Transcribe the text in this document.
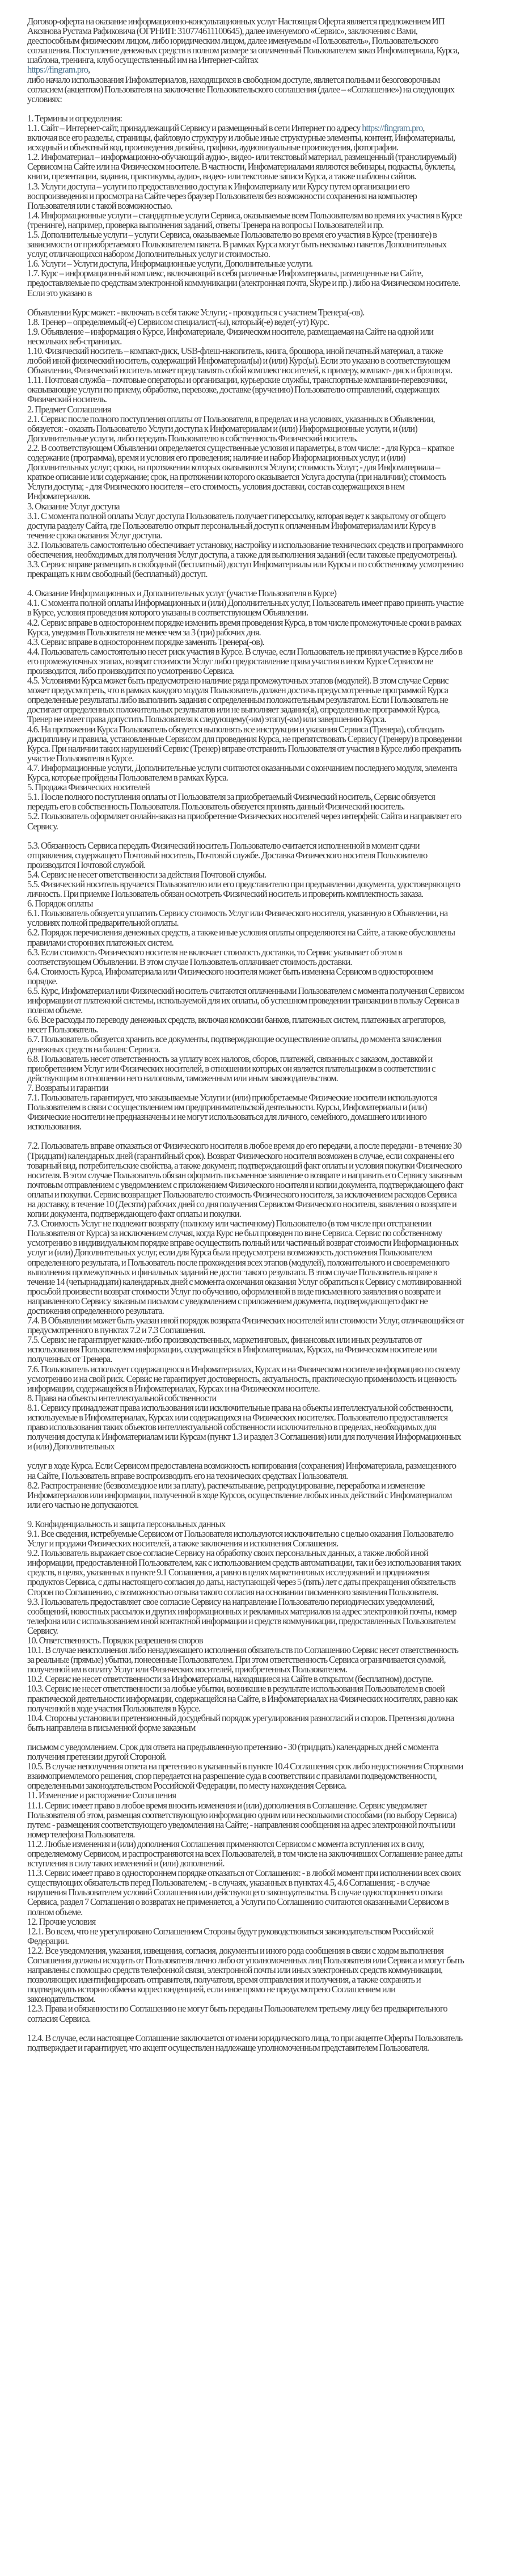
Договор-оферта на оказание информационно-консультационных услуг Настоящая Оферта является предложением ИП Аксянова Рустама Рафиковича (ОГРНИП: 310774611100645), далее именуемого «Сервис», заключения с Вами, дееспособным физическим лицом, либо юридическим лицом, далее именуемым «Пользователь», Пользовательского соглашения. Поступление денежных средств в полном размере за оплаченный Пользователем заказ Инфоматериала, Курса, шаблона, тренинга, клуб осуществленный им на Интернет-сайтах
https://fingram.pro,
либо начало использования Инфоматериалов, находящихся в свободном доступе, является полным и безоговорочным согласием (акцептом) Пользователя на заключение Пользовательского соглашения (далее – «Соглашение») на следующих условиях:

1. Термины и определения:

1.1. Сайт – Интернет-сайт, принадлежащий Сервису и размещенный в сети Интернет по адресу https://fingram.pro,
включая все его разделы, страницы, файловую структуру и любые иные структурные элементы, контент, Инфоматериалы, исходный и объектный код, произведения дизайна, графики, аудиовизуальные произведения, фотографии.

1.2. Инфоматериал – информационно-обучающий аудио-, видео- или текстовый материал, размещенный (транслируемый) Сервисом на Сайте или на Физическом носителе. В частности, Инфоматериалами являются вебинары, подкасты, буклеты, книги, презентации, задания, практикумы, аудио-, видео- или текстовые записи Курса, а также шаблоны сайтов.

1.3. Услуги доступа – услуги по предоставлению доступа к Инфоматериалу или Курсу путем организации его воспроизведения и просмотра на Сайте через браузер Пользователя без возможности сохранения на компьютер Пользователя или с такой возможностью.

1.4. Информационные услуги – стандартные услуги Сервиса, оказываемые всем Пользователям во время их участия в Курсе (тренинге), например, проверка выполнения заданий, ответы Тренера на вопросы Пользователей и пр.

1.5. Дополнительные услуги – услуги Сервиса, оказываемые Пользователю во время его участия в Курсе (тренинге) в зависимости от приобретаемого Пользователем пакета. В рамках Курса могут быть несколько пакетов Дополнительных услуг, отличающихся набором Дополнительных услуг и стоимостью.

1.6. Услуги – Услуги доступа, Информационные услуги, Дополнительные услуги.

1.7. Курс – информационный комплекс, включающий в себя различные Инфоматериалы, размещенные на Сайте, предоставляемые по средствам электронной коммуникации (электронная почта, Skype и пр.) либо на Физическом носителе. Если это указано в

Объявлении Курс может: - включать в себя также Услуги; - проводиться с участием Тренера(-ов).

1.8. Тренер – определяемый(-е) Сервисом специалист(-ы), который(-е) ведет(-ут) Курс.

1.9. Объявление – информация о Курсе, Инфоматериале, Физическом носителе, размещаемая на Сайте на одной или нескольких веб-страницах.

1.10. Физический носитель – компакт-диск, USB-флеш-накопитель, книга, брошюра, иной печатный материал, а также любой иной физический носитель, содержащий Инфоматериал(ы) и (или) Курс(ы). Если это указано в соответствующем Объявлении, Физический носитель может представлять собой комплект носителей, к примеру, компакт- диск и брошюра.

1.11. Почтовая служба – почтовые операторы и организации, курьерские службы, транспортные компании-перевозчики, оказывающие услуги по приему, обработке, перевозке, доставке (вручению) Пользователю отправлений, содержащих Физический носитель.

2. Предмет Соглашения

2.1. Сервис после полного поступления оплаты от Пользователя, в пределах и на условиях, указанных в Объявлении, обязуется: - оказать Пользователю Услуги доступа к Инфоматериалам и (или) Информационные услуги, и (или) Дополнительные услуги, либо передать Пользователю в собственность Физический носитель.

2.2. В соответствующем Объявлении определяется существенные условия и параметры, в том числе: - для Курса – краткое содержание (программа), время и условия его проведения; наличие и набор Информационных услуг, и (или) Дополнительных услуг; сроки, на протяжении которых оказываются Услуги; стоимость Услуг; - для Инфоматериала – краткое описание или содержание; срок, на протяжении которого оказывается Услуга доступа (при наличии); стоимость Услуги доступа; - для Физического носителя – его стоимость, условия доставки, состав содержащихся в нем Инфоматериалов.

3. Оказание Услуг доступа

3.1. С момента полной оплаты Услуг доступа Пользователь получает гиперссылку, которая ведет к закрытому от общего доступа разделу Сайта, где Пользователю открыт персональный доступ к оплаченным Инфоматериалам или Курсу в течение срока оказания Услуг доступа.

3.2. Пользователь самостоятельно обеспечивает установку, настройку и использование технических средств и программного обеспечения, необходимых для получения Услуг доступа, а также для выполнения заданий (если таковые предусмотрены).

3.3. Сервис вправе размещать в свободный (бесплатный) доступ Инфоматериалы или Курсы и по собственному усмотрению прекращать к ним свободный (бесплатный) доступ.

4. Оказание Информационных и Дополнительных услуг (участие Пользователя в Курсе)

4.1. С момента полной оплаты Информационных и (или) Дополнительных услуг, Пользователь имеет право принять участие в Курсе, условия проведения которого указаны в соответствующем Объявлении.

4.2. Сервис вправе в одностороннем порядке изменить время проведения Курса, в том числе промежуточные сроки в рамках Курса, уведомив Пользователя не менее чем за 3 (три) рабочих дня.

4.3. Сервис вправе в одностороннем порядке заменять Тренера(-ов).

4.4. Пользователь самостоятельно несет риск участия в Курсе. В случае, если Пользователь не принял участие в Курсе либо в его промежуточных этапах, возврат стоимости Услуг либо предоставление права участия в ином Курсе Сервисом не производится, либо производится по усмотрению Сервиса.

4.5. Условиями Курса может быть предусмотрено наличие ряда промежуточных этапов (модулей). В этом случае Сервис может предусмотреть, что в рамках каждого модуля Пользователь должен достичь предусмотренные программой Курса определенные результаты либо выполнить задания с определенным положительным результатом. Если Пользователь не достигает определенных положительных результатов или не выполняет задание(я), определенные программой Курса, Тренер не имеет права допустить Пользователя к следующему(-им) этапу(-ам) или завершению Курса.

4.6. На протяжении Курса Пользователь обязуется выполнять все инструкции и указания Сервиса (Тренера), соблюдать дисциплину и правила, установленные Сервисом для проведения Курса, не препятствовать Сервису (Тренеру) в проведении Курса. При наличии таких нарушений Сервис (Тренер) вправе отстранить Пользователя от участия в Курсе либо прекратить участие Пользователя в Курсе.

4.7. Информационные услуги, Дополнительные услуги считаются оказанными с окончанием последнего модуля, элемента Курса, которые пройдены Пользователем в рамках Курса.

5. Продажа Физических носителей

5.1. После полного поступления оплаты от Пользователя за приобретаемый Физический носитель, Сервис обязуется передать его в собственность Пользователя. Пользователь обязуется принять данный Физический носитель.

5.2. Пользователь оформляет онлайн-заказ на приобретение Физических носителей через интерфейс Сайта и направляет его Сервису.

5.3. Обязанность Сервиса передать Физический носитель Пользователю считается исполненной в момент сдачи отправления, содержащего Почтовый носитель, Почтовой службе. Доставка Физического носителя Пользователю производится Почтовой службой.

5.4. Сервис не несет ответственности за действия Почтовой службы.

5.5. Физический носитель вручается Пользователю или его представителю при предъявлении документа, удостоверяющего личность. При приемке Пользователь обязан осмотреть Физический носитель и проверить комплектность заказа.

6. Порядок оплаты

6.1. Пользователь обязуется уплатить Сервису стоимость Услуг или Физического носителя, указанную в Объявлении, на условиях полной предварительной оплаты.

6.2. Порядок перечисления денежных средств, а также иные условия оплаты определяются на Сайте, а также обусловлены правилами сторонних платежных систем.

6.3. Если стоимость Физического носителя не включает стоимость доставки, то Сервис указывает об этом в соответствующем Объявлении. В этом случае Пользователь оплачивает стоимость доставки.

6.4. Стоимость Курса, Инфоматериала или Физического носителя может быть изменена Сервисом в одностороннем порядке.

6.5. Курс, Инфоматериал или Физический носитель считаются оплаченными Пользователем с момента получения Сервисом информации от платежной системы, используемой для их оплаты, об успешном проведении транзакции в пользу Сервиса в полном объеме.

6.6. Все расходы по переводу денежных средств, включая комиссии банков, платежных систем, платежных агрегаторов, несет Пользователь.

6.7. Пользователь обязуется хранить все документы, подтверждающие осуществление оплаты, до момента зачисления денежных средств на баланс Сервиса.

6.8. Пользователь несет ответственность за уплату всех налогов, сборов, платежей, связанных с заказом, доставкой и приобретением Услуг или Физических носителей, в отношении которых он является плательщиком в соответствии с действующим в отношении него налоговым, таможенным или иным законодательством.

7. Возвраты и гарантии

7.1. Пользователь гарантирует, что заказываемые Услуги и (или) приобретаемые Физические носители используются Пользователем в связи с осуществлением им предпринимательской деятельности. Курсы, Инфоматериалы и (или) Физические носители не предназначены и не могут использоваться для личного, семейного, домашнего или иного использования.

7.2. Пользователь вправе отказаться от Физического носителя в любое время до его передачи, а после передачи - в течение 30 (Тридцати) календарных дней (гарантийный срок). Возврат Физического носителя возможен в случае, если сохранены его товарный вид, потребительские свойства, а также документ, подтверждающий факт оплаты и условия покупки Физического носителя. В этом случае Пользователь обязан оформить письменное заявление о возврате и направить его Сервису заказным почтовым отправлением с уведомлением с приложением Физического носителя и копии документа, подтверждающего факт оплаты и покупки. Сервис возвращает Пользователю стоимость Физического носителя, за исключением расходов Сервиса на доставку, в течение 10 (Десяти) рабочих дней со дня получения Сервисом Физического носителя, заявления о возврате и копии документа, подтверждающего факт оплаты и покупки.

7.3. Стоимость Услуг не подлежит возврату (полному или частичному) Пользователю (в том числе при отстранении Пользователя от Курса) за исключением случая, когда Курс не был проведен по вине Сервиса. Сервис по собственному усмотрению в индивидуальном порядке вправе осуществить полный или частичный возврат стоимости Информационных услуг и (или) Дополнительных услуг, если для Курса была предусмотрена возможность достижения Пользователем определенного результата, и Пользователь после прохождения всех этапов (модулей), положительного и своевременного выполнения промежуточных и финальных заданий не достиг такого результата. В этом случае Пользователь вправе в течение 14 (четырнадцати) календарных дней с момента окончания оказания Услуг обратиться к Сервису с мотивированной просьбой произвести возврат стоимости Услуг по обучению, оформленной в виде письменного заявления о возврате и направленного Сервису заказным письмом с уведомлением с приложением документа, подтверждающего факт не достижения определенного результата.

7.4. В Объявлении может быть указан иной порядок возврата Физических носителей или стоимости Услуг, отличающийся от предусмотренного в пунктах 7.2 и 7.3 Соглашения.

7.5. Сервис не гарантирует каких-либо производственных, маркетинговых, финансовых или иных результатов от использования Пользователем информации, содержащейся в Инфоматериалах, Курсах, на Физическом носителе или полученных от Тренера.

7.6. Пользователь использует содержащеюся в Инфоматериалах, Курсах и на Физическом носителе информацию по своему усмотрению и на свой риск. Сервис не гарантирует достоверность, актуальность, практическую применимость и ценность информации, содержащейся в Инфоматериалах, Курсах и на Физическом носителе.

8. Права на объекты интеллектуальной собственности

8.1. Сервису принадлежат права использования или исключительные права на объекты интеллектуальной собственности, используемые в Инфоматериалах, Курсах или содержащихся на Физических носителях. Пользователю предоставляется право использования таких объектов интеллектуальной собственности исключительно в пределах, необходимых для получения доступа к Инфоматериалам или Курсам (пункт 1.3 и раздел 3 Соглашения) или для получения Информационных и (или) Дополнительных

услуг в ходе Курса. Если Сервисом предоставлена возможность копирования (сохранения) Инфоматериала, размещенного на Сайте, Пользователь вправе воспроизводить его на технических средствах Пользователя.

8.2. Распространение (безвозмездное или за плату), распечатывание, репродуцирование, переработка и изменение Инфоматериалов или информации, полученной в ходе Курсов, осуществление любых иных действий с Инфоматериалом или его частью не допускаются.

9. Конфиденциальность и защита персональных данных

9.1. Все сведения, истребуемые Сервисом от Пользователя используются исключительно с целью оказания Пользователю Услуг и продажи Физических носителей, а также заключения и исполнения Соглашения.

9.2. Пользователь выражает свое согласие Сервису на обработку своих персональных данных, а также любой иной информации, предоставленной Пользователем, как с использованием средств автоматизации, так и без использования таких средств, в целях, указанных в пункте 9.1 Соглашения, а равно в целях маркетинговых исследований и продвижения продуктов Сервиса, с даты настоящего согласия до даты, наступающей через 5 (пять) лет с даты прекращения обязательств Сторон по Соглашению, с возможностью отзыва такого согласия на основании письменного заявления Пользователя.

9.3. Пользователь предоставляет свое согласие Сервису на направление Пользователю периодических уведомлений, сообщений, новостных рассылок и других информационных и рекламных материалов на адрес электронной почты, номер телефона или с использованием иной контактной информации и средств коммуникации, предоставленных Пользователем Сервису.

10. Ответственность. Порядок разрешения споров

10.1. В случае неисполнения либо ненадлежащего исполнения обязательств по Соглашению Сервис несет ответственность за реальные (прямые) убытки, понесенные Пользователем. При этом ответственность Сервиса ограничивается суммой, полученной им в оплату Услуг или Физических носителей, приобретенных Пользователем.

10.2. Сервис не несет ответственности за Инфоматериалы, находящиеся на Сайте в открытом (бесплатном) доступе.

10.3. Сервис не несет ответственности за любые убытки, возникшие в результате использования Пользователем в своей практической деятельности информации, содержащейся на Сайте, в Инфоматериалах на Физических носителях, равно как полученной в ходе участия Пользователя в Курсе.

10.4. Стороны установили претензионный досудебный порядок урегулирования разногласий и споров. Претензия должна быть направлена в письменной форме заказным

письмом с уведомлением. Срок для ответа на предъявленную претензию - 30 (тридцать) календарных дней с момента получения претензии другой Стороной.

10.5. В случае неполучения ответа на претензию в указанный в пункте 10.4 Соглашения срок либо недостижения Сторонами взаимоприемлемого решения, спор передается на разрешение суда в соответствии с правилами подведомственности, определенными законодательством Российской Федерации, по месту нахождения Сервиса.

11. Изменение и расторжение Соглашения

11.1. Сервис имеет право в любое время вносить изменения и (или) дополнения в Соглашение. Сервис уведомляет Пользователя об этом, размещая соответствующую информацию одним или несколькими способами (по выбору Сервиса) путем: - размещения соответствующего уведомления на Сайте; - направления сообщения на адрес электронной почты или номер телефона Пользователя.

11.2. Любые изменения и (или) дополнения Соглашения применяются Сервисом с момента вступления их в силу, определяемому Сервисом, и распространяются на всех Пользователей, в том числе на заключивших Соглашение ранее даты вступления в силу таких изменений и (или) дополнений.

11.3. Сервис имеет право в одностороннем порядке отказаться от Соглашения: - в любой момент при исполнении всех своих существующих обязательств перед Пользователем; - в случаях, указанных в пунктах 4.5, 4.6 Соглашения; - в случае нарушения Пользователем условий Соглашения или действующего законодательства. В случае одностороннего отказа Сервиса, раздел 7 Соглашения о возвратах не применяется, а Услуги по Соглашению считаются оказанными Сервисом в полном объеме.

12. Прочие условия

12.1. Во всем, что не урегулировано Соглашением Стороны будут руководствоваться законодательством Российской Федерации.

12.2. Все уведомления, указания, извещения, согласия, документы и иного рода сообщения в связи с ходом выполнения Соглашения должны исходить от Пользователя лично либо от уполномоченных лиц Пользователя или Сервиса и могут быть направлены с помощью средств телефонной связи, электронной почты или иных электронных средств коммуникации, позволяющих идентифицировать отправителя, получателя, время отправления и получения, а также сохранять и подтверждать историю обмена корреспонденцией, если иное прямо не предусмотрено Соглашением или законодательством.

12.3. Права и обязанности по Соглашению не могут быть переданы Пользователем третьему лицу без предварительного согласия Сервиса.

12.4. В случае, если настоящее Соглашение заключается от имени юридического лица, то при акцепте Оферты Пользователь подтверждает и гарантирует, что акцепт осуществлен надлежаще уполномоченным представителем Пользователя.
